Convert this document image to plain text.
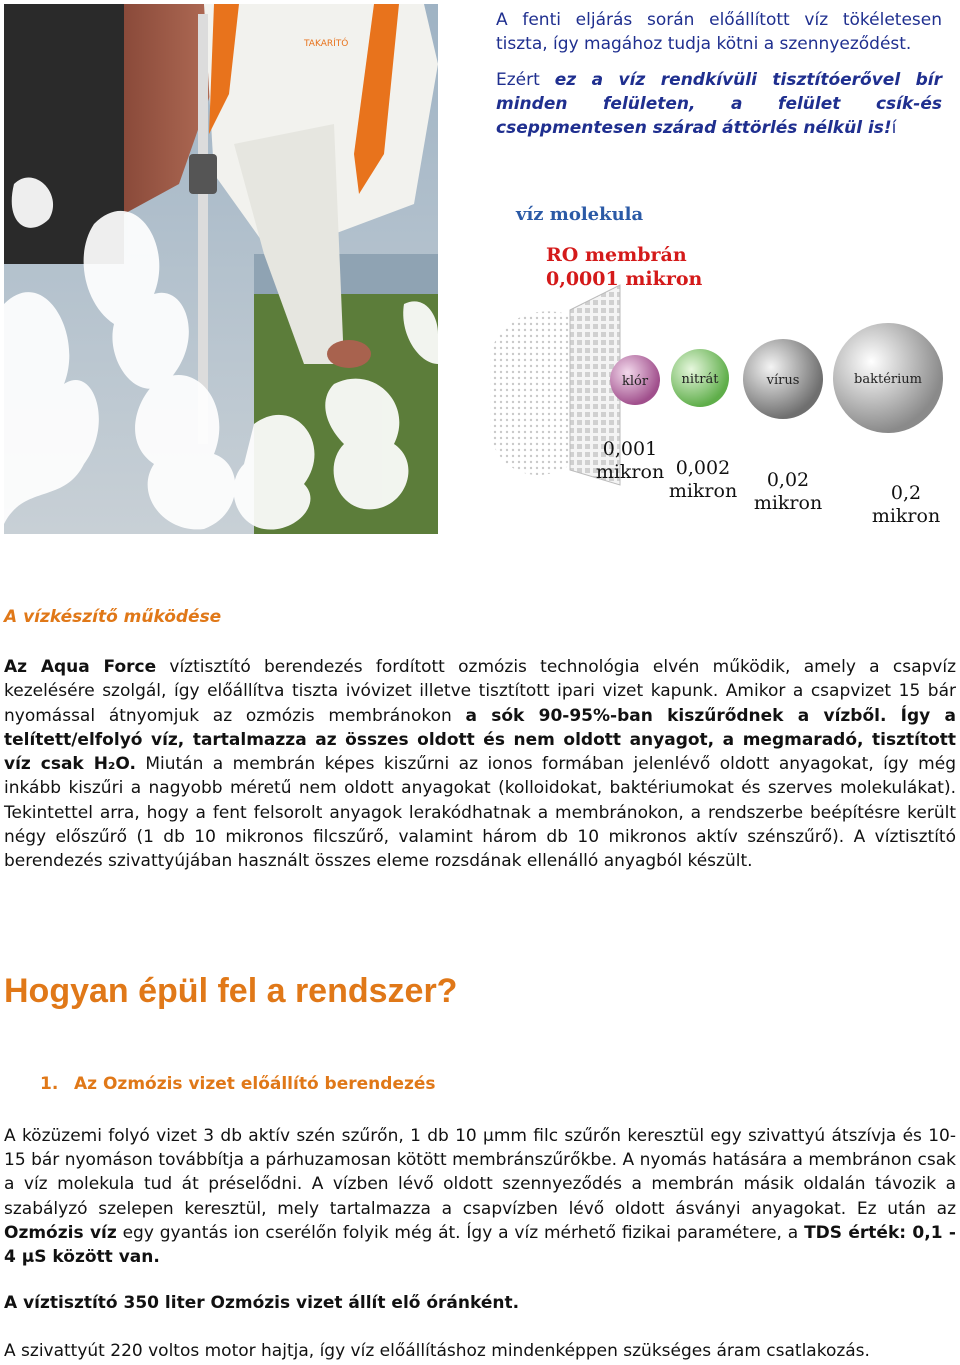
TAKARÍTÓ

A fenti eljárás során előállított víz tökéletesen tiszta, így magához tudja kötni a szennyeződést.

Ezért ez a víz rendkívüli tisztítóerővel bír minden felületen, a felület csík-és cseppmentesen szárad áttörlés nélkül is!í

víz molekula
RO membrán
0,0001 mikron
klór
0,001
mikron
nitrát
0,002
mikron
vírus
0,02
mikron
baktérium
0,2
mikron
A vízkészítő működése
Az Aqua Force víztisztító berendezés fordított ozmózis technológia elvén működik, amely a csapvíz kezelésére szolgál, így előállítva tiszta ivóvizet illetve tisztított ipari vizet kapunk. Amikor a csapvizet 15 bár nyomással átnyomjuk az ozmózis membránokon a sók 90-95%-ban kiszűrődnek a vízből. Így a telített/elfolyó víz, tartalmazza az összes oldott és nem oldott anyagot, a megmaradó, tisztított víz csak H₂O. Miután a membrán képes kiszűrni az ionos formában jelenlévő oldott anyagokat, így még inkább kiszűri a nagyobb méretű nem oldott anyagokat (kolloidokat, baktériumokat és szerves molekulákat). Tekintettel arra, hogy a fent felsorolt anyagok lerakódhatnak a membránokon, a rendszerbe beépítésre került négy előszűrő (1 db 10 mikronos filcszűrő, valamint három db 10 mikronos aktív szénszűrő). A víztisztító berendezés szivattyújában használt összes eleme rozsdának ellenálló anyagból készült.
Hogyan épül fel a rendszer?
1. Az Ozmózis vizet előállító berendezés
A közüzemi folyó vizet 3 db aktív szén szűrőn, 1 db 10 μmm filc szűrőn keresztül egy szivattyú átszívja és 10-15 bár nyomáson továbbítja a párhuzamosan kötött membránszűrőkbe. A nyomás hatására a membránon csak a víz molekula tud át préselődni. A vízben lévő oldott szennyeződés a membrán másik oldalán távozik a szabályzó szelepen keresztül, mely tartalmazza a csapvízben lévő oldott ásványi anyagokat. Ez után az Ozmózis víz egy gyantás ion cserélőn folyik még át. Így a víz mérhető fizikai paramétere, a TDS érték: 0,1 - 4 μS között van.

A víztisztító 350 liter Ozmózis vizet állít elő óránként.

A szivattyút 220 voltos motor hajtja, így víz előállításhoz mindenképpen szükséges áram csatlakozás.
